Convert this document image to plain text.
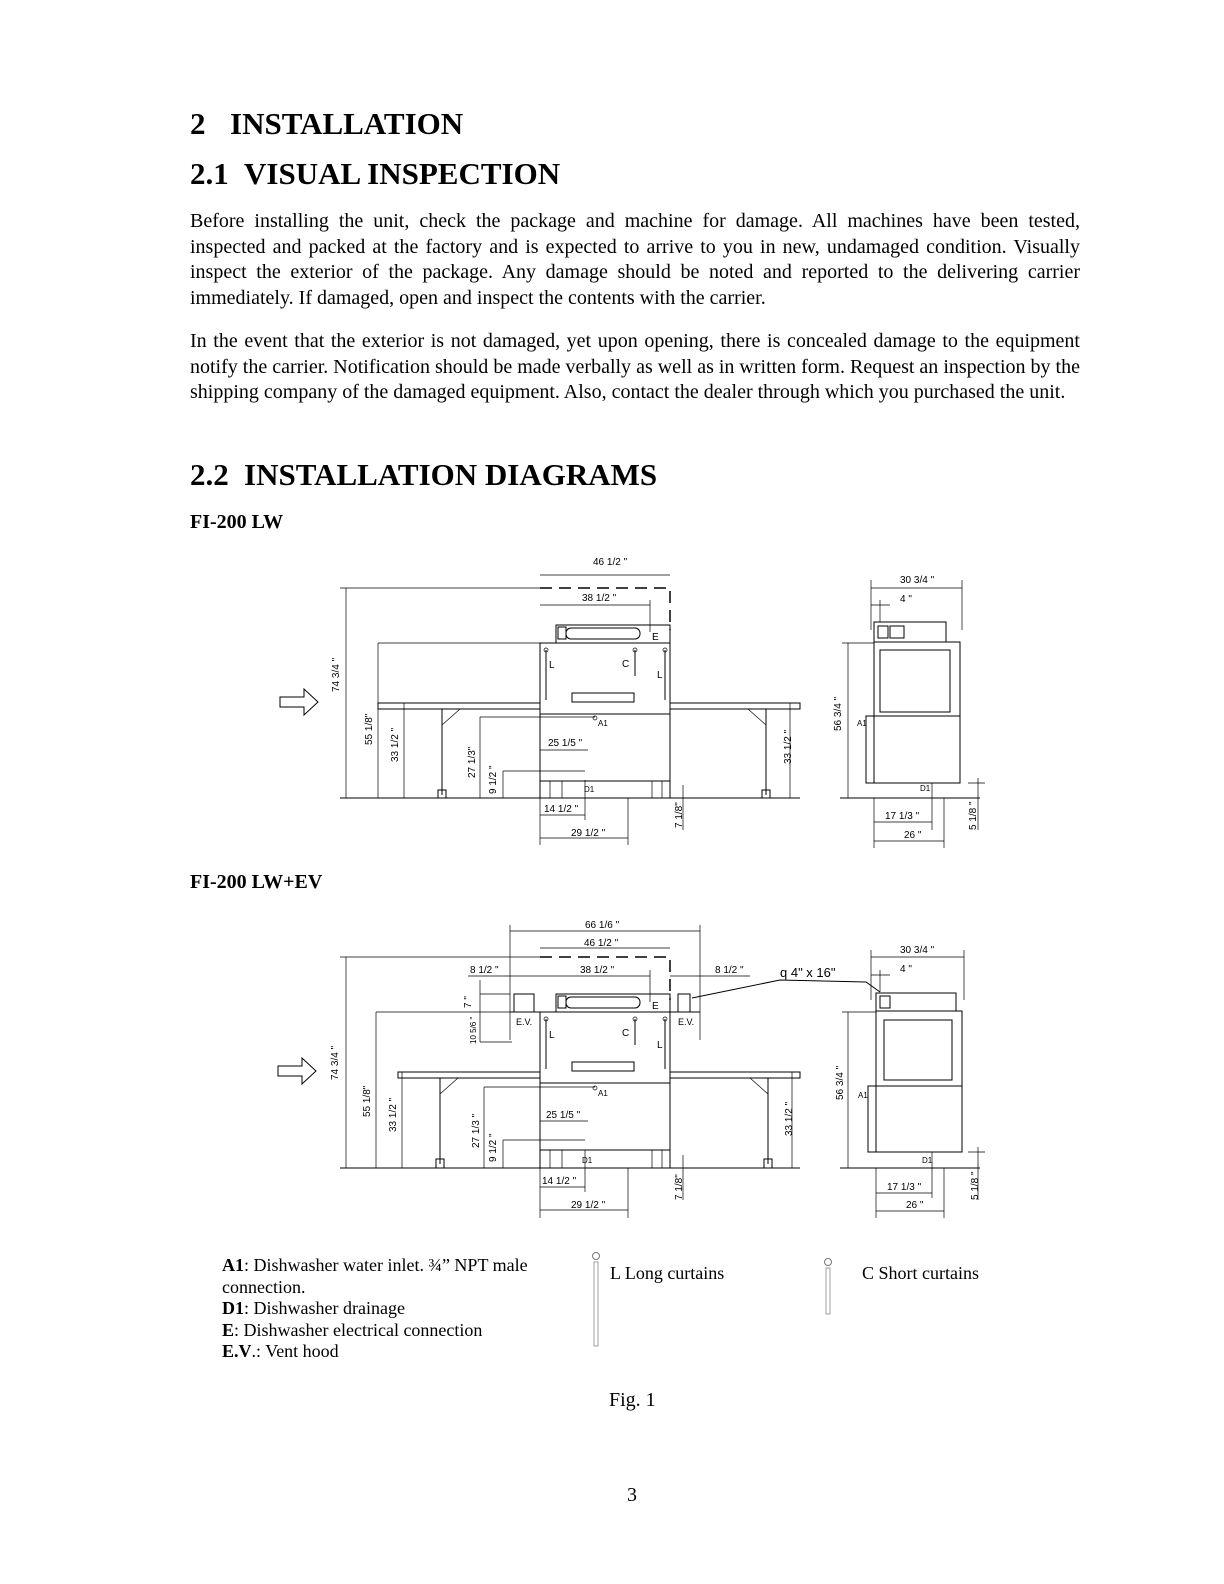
2 INSTALLATION
2.1 VISUAL INSPECTION

Before installing the unit, check the package and machine for damage. All machines have been tested, inspected and packed at the factory and is expected to arrive to you in new, undamaged condition. Visually inspect the exterior of the package. Any damage should be noted and reported to the delivering carrier immediately. If damaged, open and inspect the contents with the carrier.

In the event that the exterior is not damaged, yet upon opening, there is concealed damage to the equipment notify the carrier. Notification should be made verbally as well as in written form. Request an inspection by the shipping company of the damaged equipment. Also, contact the dealer through which you purchased the unit.

2.2 INSTALLATION DIAGRAMS

FI-200 LW

46 1/2 "
38 1/2 "
74 3/4 "
55 1/8" 33 1/2 "
27 1/3"
9 1/2 "
33 1/2 "
E
L	C
L
A1
25 1/5 "
D1
14 1/2 "
29 1/2 "
7 1/8"
30 3/4 "
4 "
A1
56 3/4 "
D1
17 1/3 "
26 "
5 1/8 "

FI-200 LW+EV

66 1/6 "
46 1/2 "
38 1/2 "
8 1/2 "	8 1/2 "	q 4" x 16"
E.V.	E.V.
7 "
10 5/6 "
74 3/4 "
55 1/8" 33 1/2 "	27 1/3 " 9 1/2 "
33 1/2 "
E
L	C
L
A1
25 1/5 "
D1
14 1/2 "
29 1/2 "
7 1/8"
30 3/4 "
4 "
A1
56 3/4 "
D1
17 1/3 "
26 "
5 1/8 "
A1: Dishwasher water inlet. ¾” NPT male connection.
D1: Dishwasher drainage
E: Dishwasher electrical connection
E.V.: Vent hood
L Long curtains	C Short curtains
Fig. 1
3
